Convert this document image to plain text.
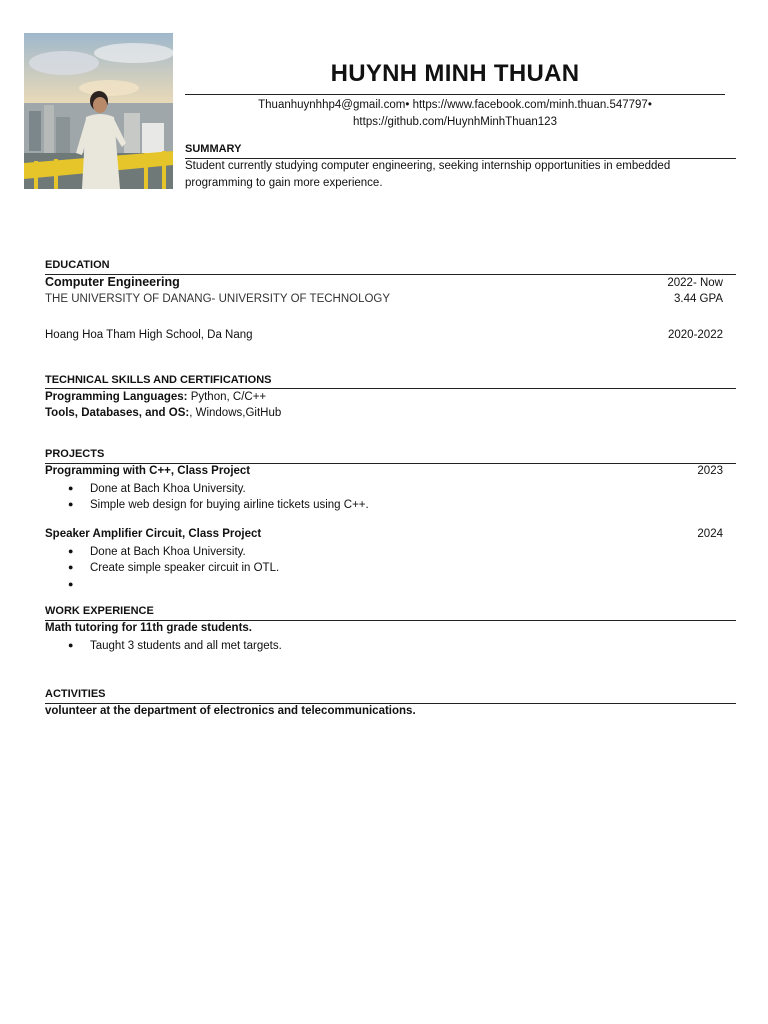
HUYNH MINH THUAN
Thuanhuynhhp4@gmail.com• https://www.facebook.com/minh.thuan.547797•
https://github.com/HuynhMinhThuan123
SUMMARY
Student currently studying computer engineering, seeking internship opportunities in embedded
programming to gain more experience.
EDUCATION
Computer Engineering	2022- Now
THE UNIVERSITY OF DANANG- UNIVERSITY OF TECHNOLOGY	3.44 GPA
Hoang Hoa Tham High School, Da Nang	2020-2022
TECHNICAL SKILLS AND CERTIFICATIONS
Programming Languages: Python, C/C++
Tools, Databases, and OS:, Windows,GitHub
PROJECTS
Programming with C++, Class Project	2023
● Done at Bach Khoa University.
● Simple web design for buying airline tickets using C++.
Speaker Amplifier Circuit, Class Project	2024
● Done at Bach Khoa University.
● Create simple speaker circuit in OTL.
●
WORK EXPERIENCE
Math tutoring for 11th grade students.
● Taught 3 students and all met targets.
ACTIVITIES
volunteer at the department of electronics and telecommunications.
